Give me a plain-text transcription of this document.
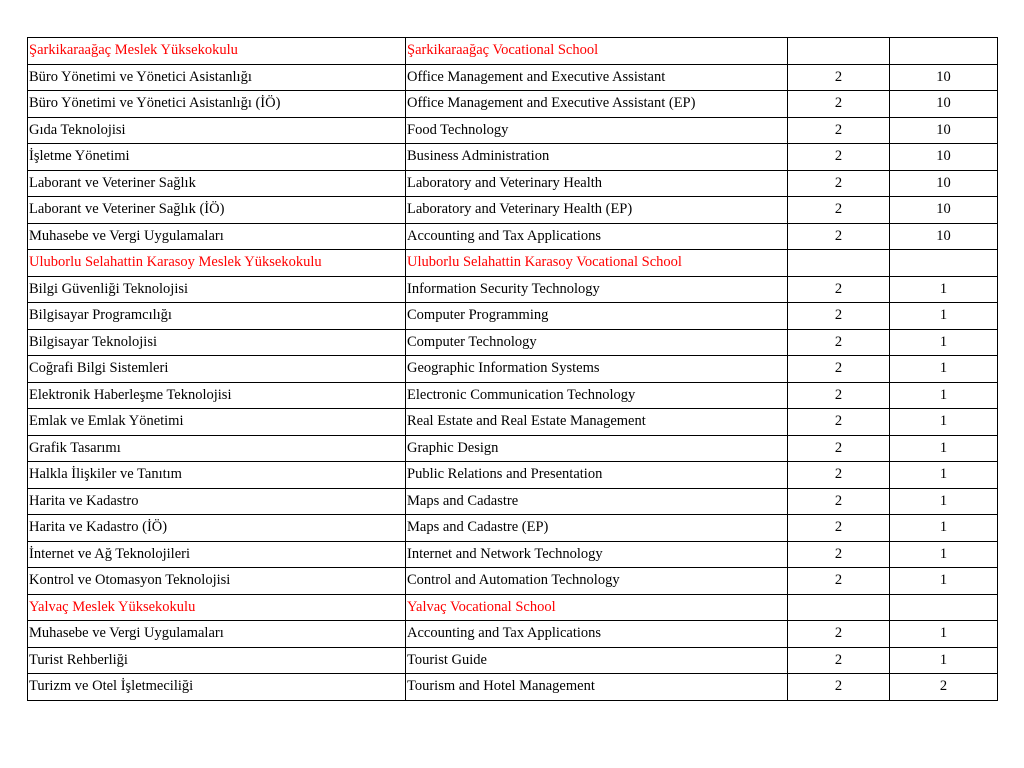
Şarkikaraağaç Meslek Yüksekokulu	Şarkikaraağaç Vocational School		
Büro Yönetimi ve Yönetici Asistanlığı	Office Management and Executive Assistant	2	10
Büro Yönetimi ve Yönetici Asistanlığı (İÖ)	Office Management and Executive Assistant (EP)	2	10
Gıda Teknolojisi	Food Technology	2	10
İşletme Yönetimi	Business Administration	2	10
Laborant ve Veteriner Sağlık	Laboratory and Veterinary Health	2	10
Laborant ve Veteriner Sağlık (İÖ)	Laboratory and Veterinary Health (EP)	2	10
Muhasebe ve Vergi Uygulamaları	Accounting and Tax Applications	2	10
Uluborlu Selahattin Karasoy Meslek Yüksekokulu	Uluborlu Selahattin Karasoy Vocational School		
Bilgi Güvenliği Teknolojisi	Information Security Technology	2	1
Bilgisayar Programcılığı	Computer Programming	2	1
Bilgisayar Teknolojisi	Computer Technology	2	1
Coğrafi Bilgi Sistemleri	Geographic Information Systems	2	1
Elektronik Haberleşme Teknolojisi	Electronic Communication Technology	2	1
Emlak ve Emlak Yönetimi	Real Estate and Real Estate Management	2	1
Grafik Tasarımı	Graphic Design	2	1
Halkla İlişkiler ve Tanıtım	Public Relations and Presentation	2	1
Harita ve Kadastro	Maps and Cadastre	2	1
Harita ve Kadastro (İÖ)	Maps and Cadastre (EP)	2	1
İnternet ve Ağ Teknolojileri	Internet and Network Technology	2	1
Kontrol ve Otomasyon Teknolojisi	Control and Automation Technology	2	1
Yalvaç Meslek Yüksekokulu	Yalvaç Vocational School		
Muhasebe ve Vergi Uygulamaları	Accounting and Tax Applications	2	1
Turist Rehberliği	Tourist Guide	2	1
Turizm ve Otel İşletmeciliği	Tourism and Hotel Management	2	2
